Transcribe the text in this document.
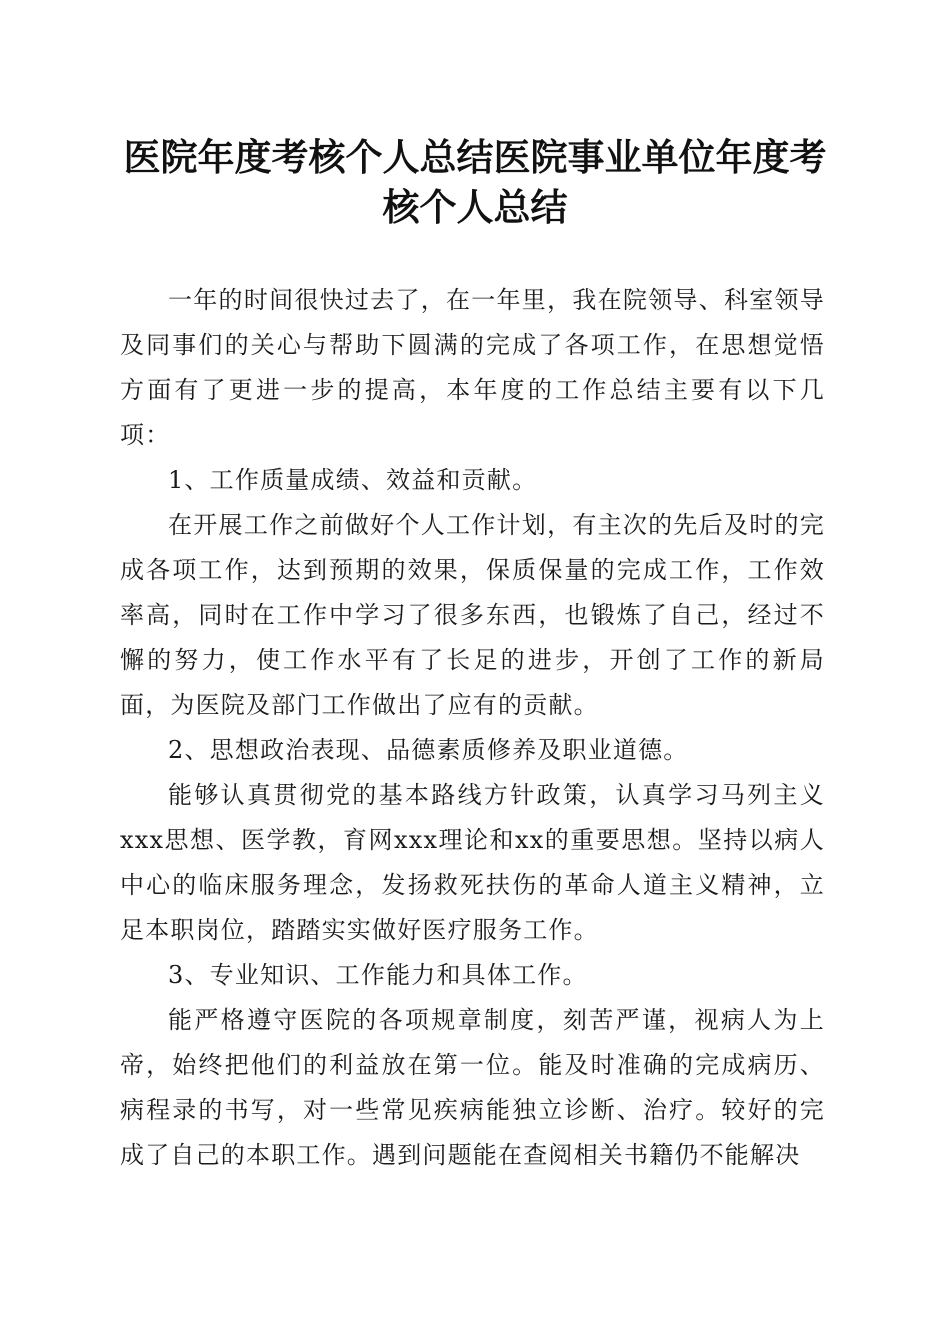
医院年度考核个人总结医院事业单位年度考核个人总结

一年的时间很快过去了，在一年里，我在院领导、科室领导及同事们的关心与帮助下圆满的完成了各项工作，在思想觉悟方面有了更进一步的提高，本年度的工作总结主要有以下几项：

1、工作质量成绩、效益和贡献。

在开展工作之前做好个人工作计划，有主次的先后及时的完成各项工作，达到预期的效果，保质保量的完成工作，工作效率高，同时在工作中学习了很多东西，也锻炼了自己，经过不懈的努力，使工作水平有了长足的进步，开创了工作的新局面，为医院及部门工作做出了应有的贡献。

2、思想政治表现、品德素质修养及职业道德。

能够认真贯彻党的基本路线方针政策，认真学习马列主义xxx思想、医学教，育网xxx理论和xx的重要思想。坚持以病人中心的临床服务理念，发扬救死扶伤的革命人道主义精神，立足本职岗位，踏踏实实做好医疗服务工作。

3、专业知识、工作能力和具体工作。

能严格遵守医院的各项规章制度，刻苦严谨，视病人为上帝，始终把他们的利益放在第一位。能及时准确的完成病历、病程录的书写，对一些常见疾病能独立诊断、治疗。较好的完成了自己的本职工作。遇到问题能在查阅相关书籍仍不能解决
